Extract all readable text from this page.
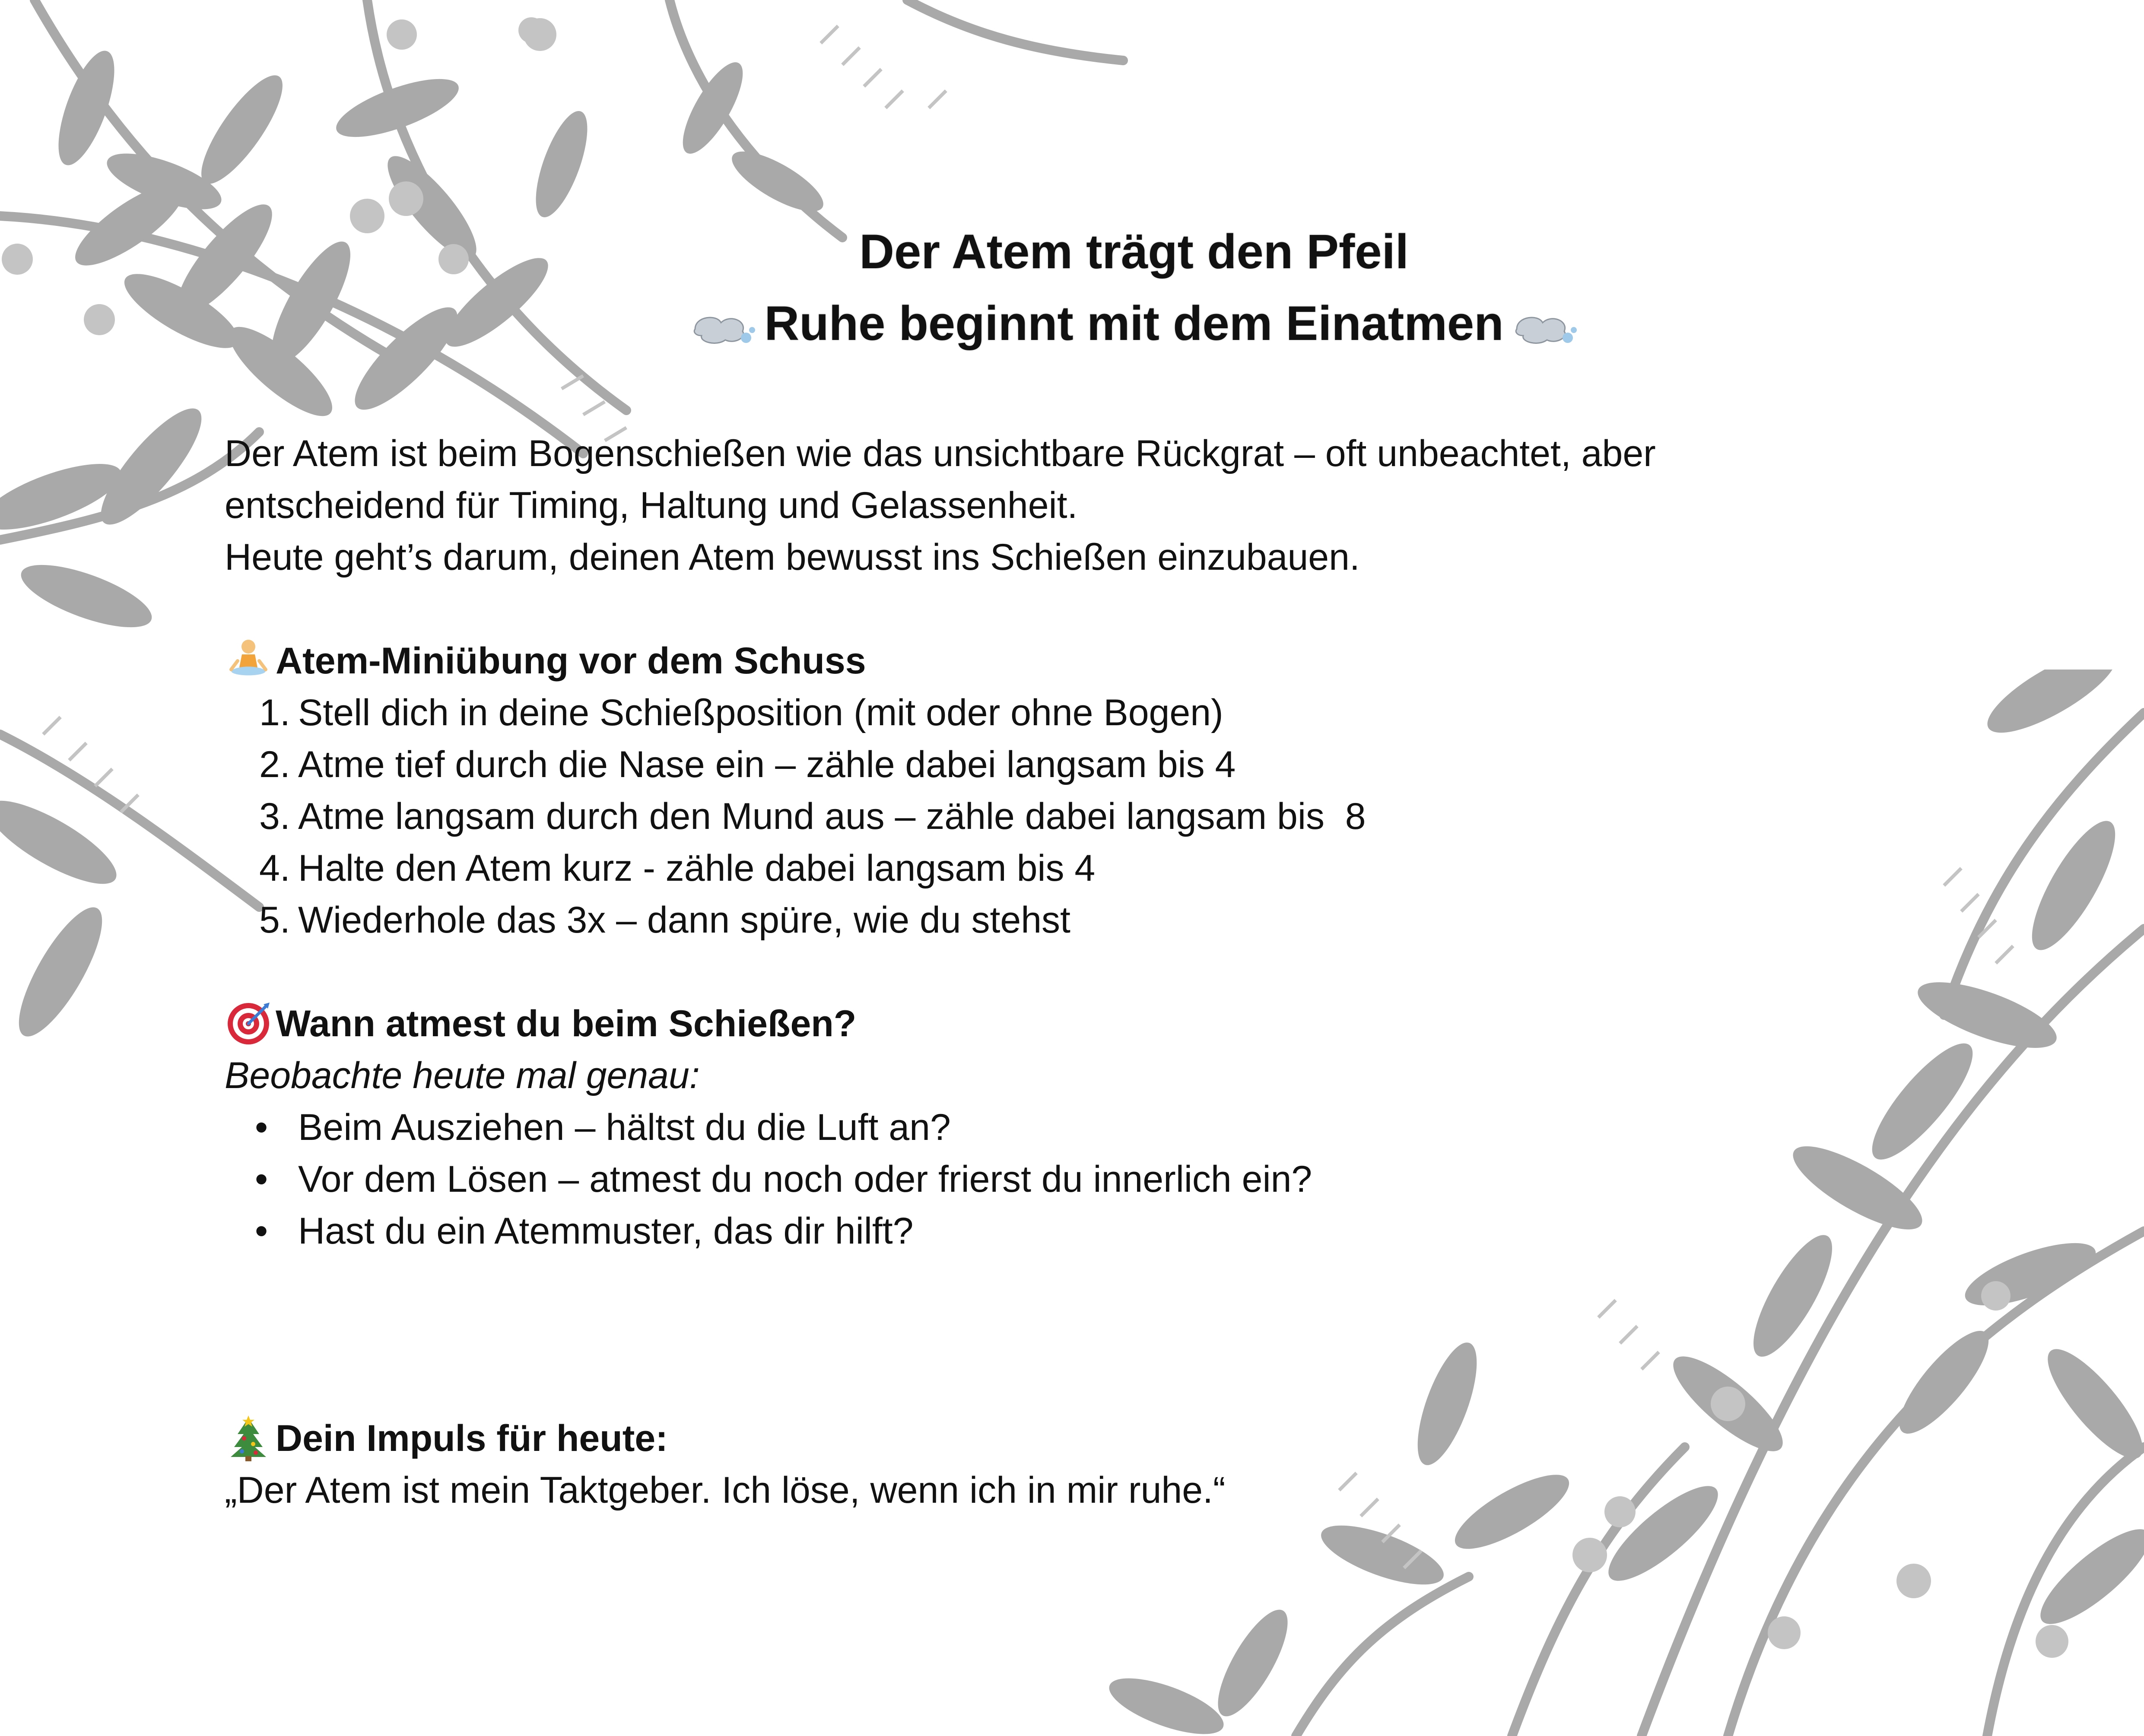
Der Atem trägt den Pfeil
Ruhe beginnt mit dem Einatmen

Der Atem ist beim Bogenschießen wie das unsichtbare Rückgrat – oft unbeachtet, aber

entscheidend für Timing, Haltung und Gelassenheit.

Heute geht’s darum, deinen Atem bewusst ins Schießen einzubauen.

Atem-Miniübung vor dem Schuss
1. Stell dich in deine Schießposition (mit oder ohne Bogen)
2. Atme tief durch die Nase ein – zähle dabei langsam bis 4
3. Atme langsam durch den Mund aus – zähle dabei langsam bis  8
4. Halte den Atem kurz - zähle dabei langsam bis 4
5. Wiederhole das 3x – dann spüre, wie du stehst
Wann atmest du beim Schießen?

Beobachte heute mal genau:

• Beim Ausziehen – hältst du die Luft an?
• Vor dem Lösen – atmest du noch oder frierst du innerlich ein?
• Hast du ein Atemmuster, das dir hilft?
Dein Impuls für heute:

„Der Atem ist mein Taktgeber. Ich löse, wenn ich in mir ruhe.“
